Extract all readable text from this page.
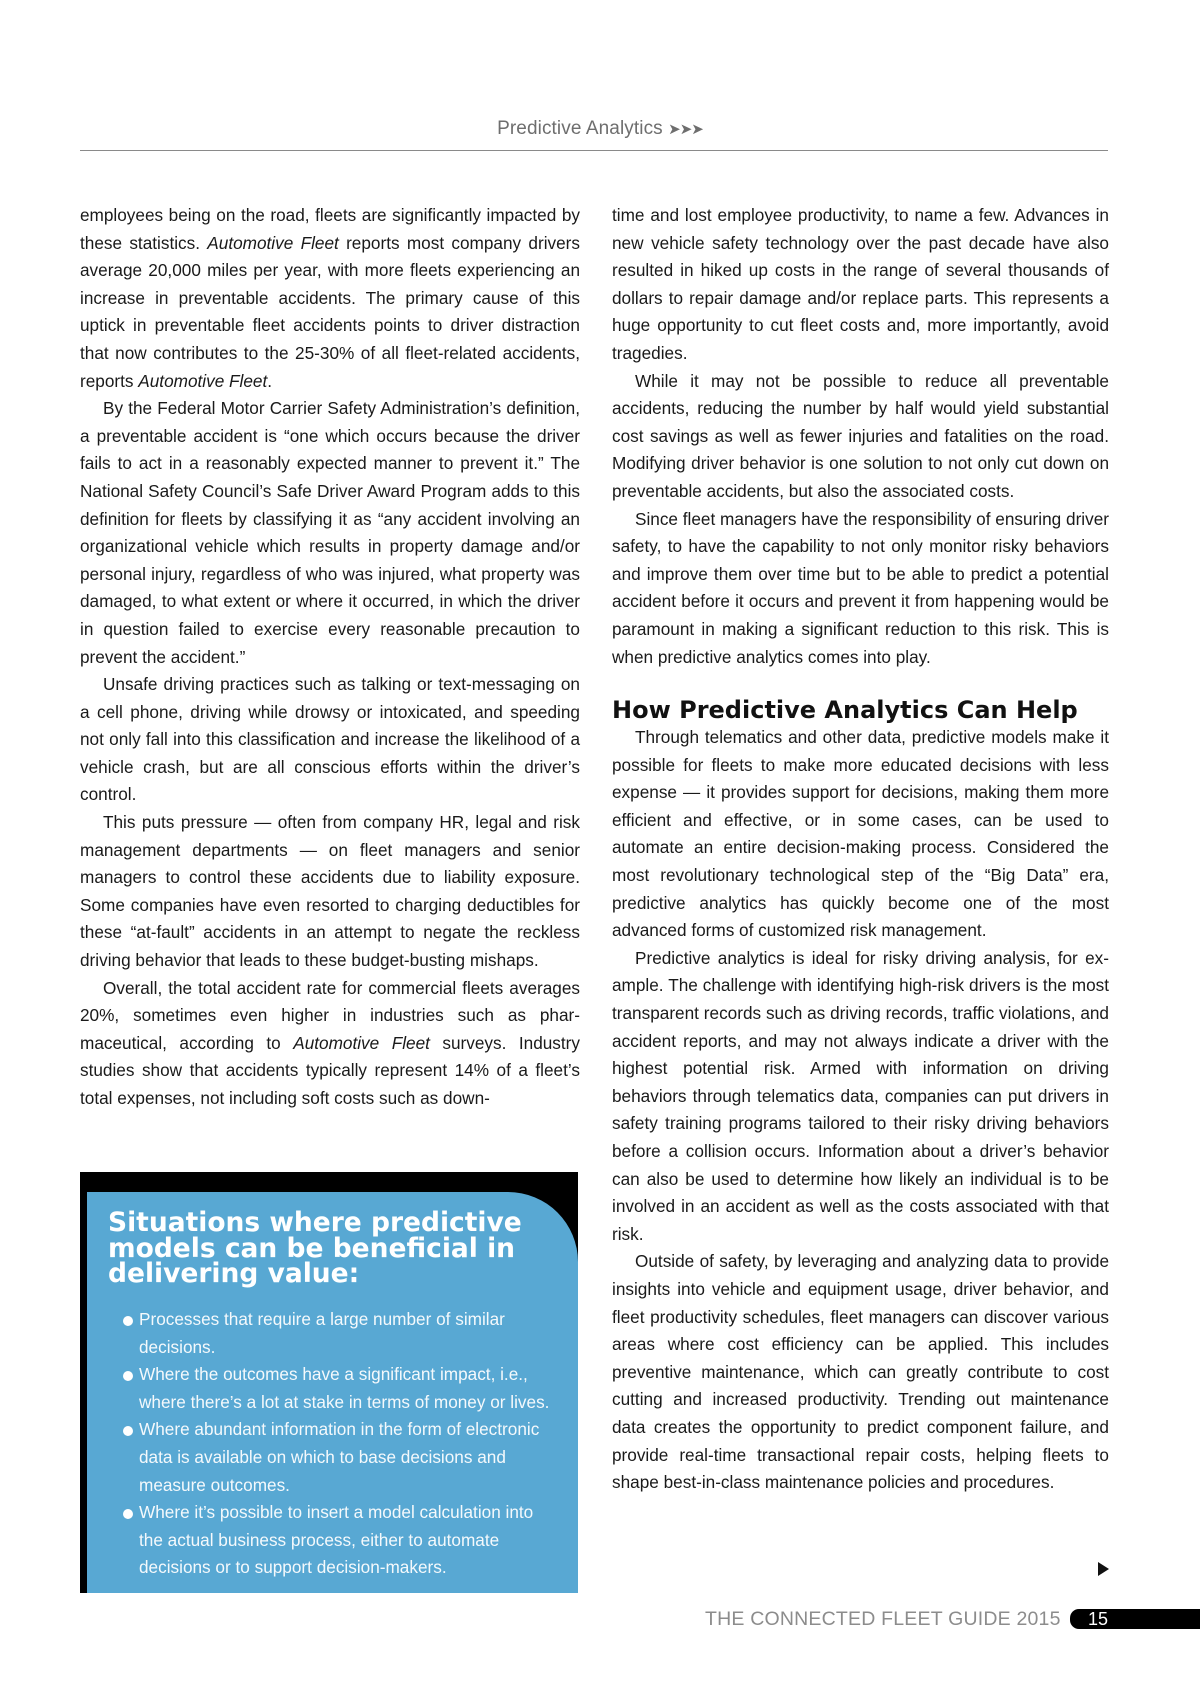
Predictive Analytics ➤➤➤

employees being on the road, fleets are significantly impacted by these statistics. Automotive Fleet reports most company drivers average 20,000 miles per year, with more fleets experiencing an increase in preventable accidents. The primary cause of this uptick in preventable fleet accidents points to driver distraction that now contributes to the 25-30% of all fleet-related accidents, reports Automotive Fleet.

By the Federal Motor Carrier Safety Administration’s definition, a preventable accident is “one which occurs because the driver fails to act in a reasonably expected manner to prevent it.” The National Safety Council’s Safe Driver Award Program adds to this definition for fleets by classifying it as “any accident involving an organizational vehicle which results in property damage and/or personal injury, regardless of who was injured, what property was damaged, to what extent or where it occurred, in which the driver in question failed to exercise every reasonable precaution to prevent the accident.”

Unsafe driving practices such as talking or text-messaging on a cell phone, driving while drowsy or intoxicated, and speeding not only fall into this classification and increase the likelihood of a vehicle crash, but are all conscious efforts within the driver’s control.

This puts pressure — often from company HR, legal and risk management departments — on fleet managers and senior managers to control these accidents due to liability exposure. Some companies have even resorted to charging deductibles for these “at-fault” accidents in an attempt to negate the reckless driving behavior that leads to these budget-busting mishaps.

Overall, the total accident rate for commercial fleets averages 20%, sometimes even higher in industries such as pharmaceutical, according to Automotive Fleet surveys. Industry studies show that accidents typically represent 14% of a fleet’s total expenses, not including soft costs such as down-

Situations where predictive models can be beneficial in delivering value:
Processes that require a large number of similar decisions.
Where the outcomes have a significant impact, i.e., where there’s a lot at stake in terms of money or lives.
Where abundant information in the form of electronic data is available on which to base decisions and measure outcomes.
Where it’s possible to insert a model calculation into the actual business process, either to automate decisions or to support decision-makers.

time and lost employee productivity, to name a few. Advances in new vehicle safety technology over the past decade have also resulted in hiked up costs in the range of several thousands of dollars to repair damage and/or replace parts. This represents a huge opportunity to cut fleet costs and, more importantly, avoid tragedies.

While it may not be possible to reduce all preventable accidents, reducing the number by half would yield substantial cost savings as well as fewer injuries and fatalities on the road. Modifying driver behavior is one solution to not only cut down on preventable accidents, but also the associated costs.

Since fleet managers have the responsibility of ensuring driver safety, to have the capability to not only monitor risky behaviors and improve them over time but to be able to predict a potential accident before it occurs and prevent it from happening would be paramount in making a significant reduction to this risk. This is when predictive analytics comes into play.

How Predictive Analytics Can Help

Through telematics and other data, predictive models make it possible for fleets to make more educated decisions with less expense — it provides support for decisions, making them more efficient and effective, or in some cases, can be used to automate an entire decision-making process. Considered the most revolutionary technological step of the “Big Data” era, predictive analytics has quickly become one of the most advanced forms of customized risk management.

Predictive analytics is ideal for risky driving analysis, for example. The challenge with identifying high-risk drivers is the most transparent records such as driving records, traffic violations, and accident reports, and may not always indicate a driver with the highest potential risk. Armed with information on driving behaviors through telematics data, companies can put drivers in safety training programs tailored to their risky driving behaviors before a collision occurs. Information about a driver’s behavior can also be used to determine how likely an individual is to be involved in an accident as well as the costs associated with that risk.

Outside of safety, by leveraging and analyzing data to provide insights into vehicle and equipment usage, driver behavior, and fleet productivity schedules, fleet managers can discover various areas where cost efficiency can be applied. This includes preventive maintenance, which can greatly contribute to cost cutting and increased productivity. Trending out maintenance data creates the opportunity to predict component failure, and provide real-time transactional repair costs, helping fleets to shape best-in-class maintenance policies and procedures.

THE CONNECTED FLEET GUIDE 2015	15
